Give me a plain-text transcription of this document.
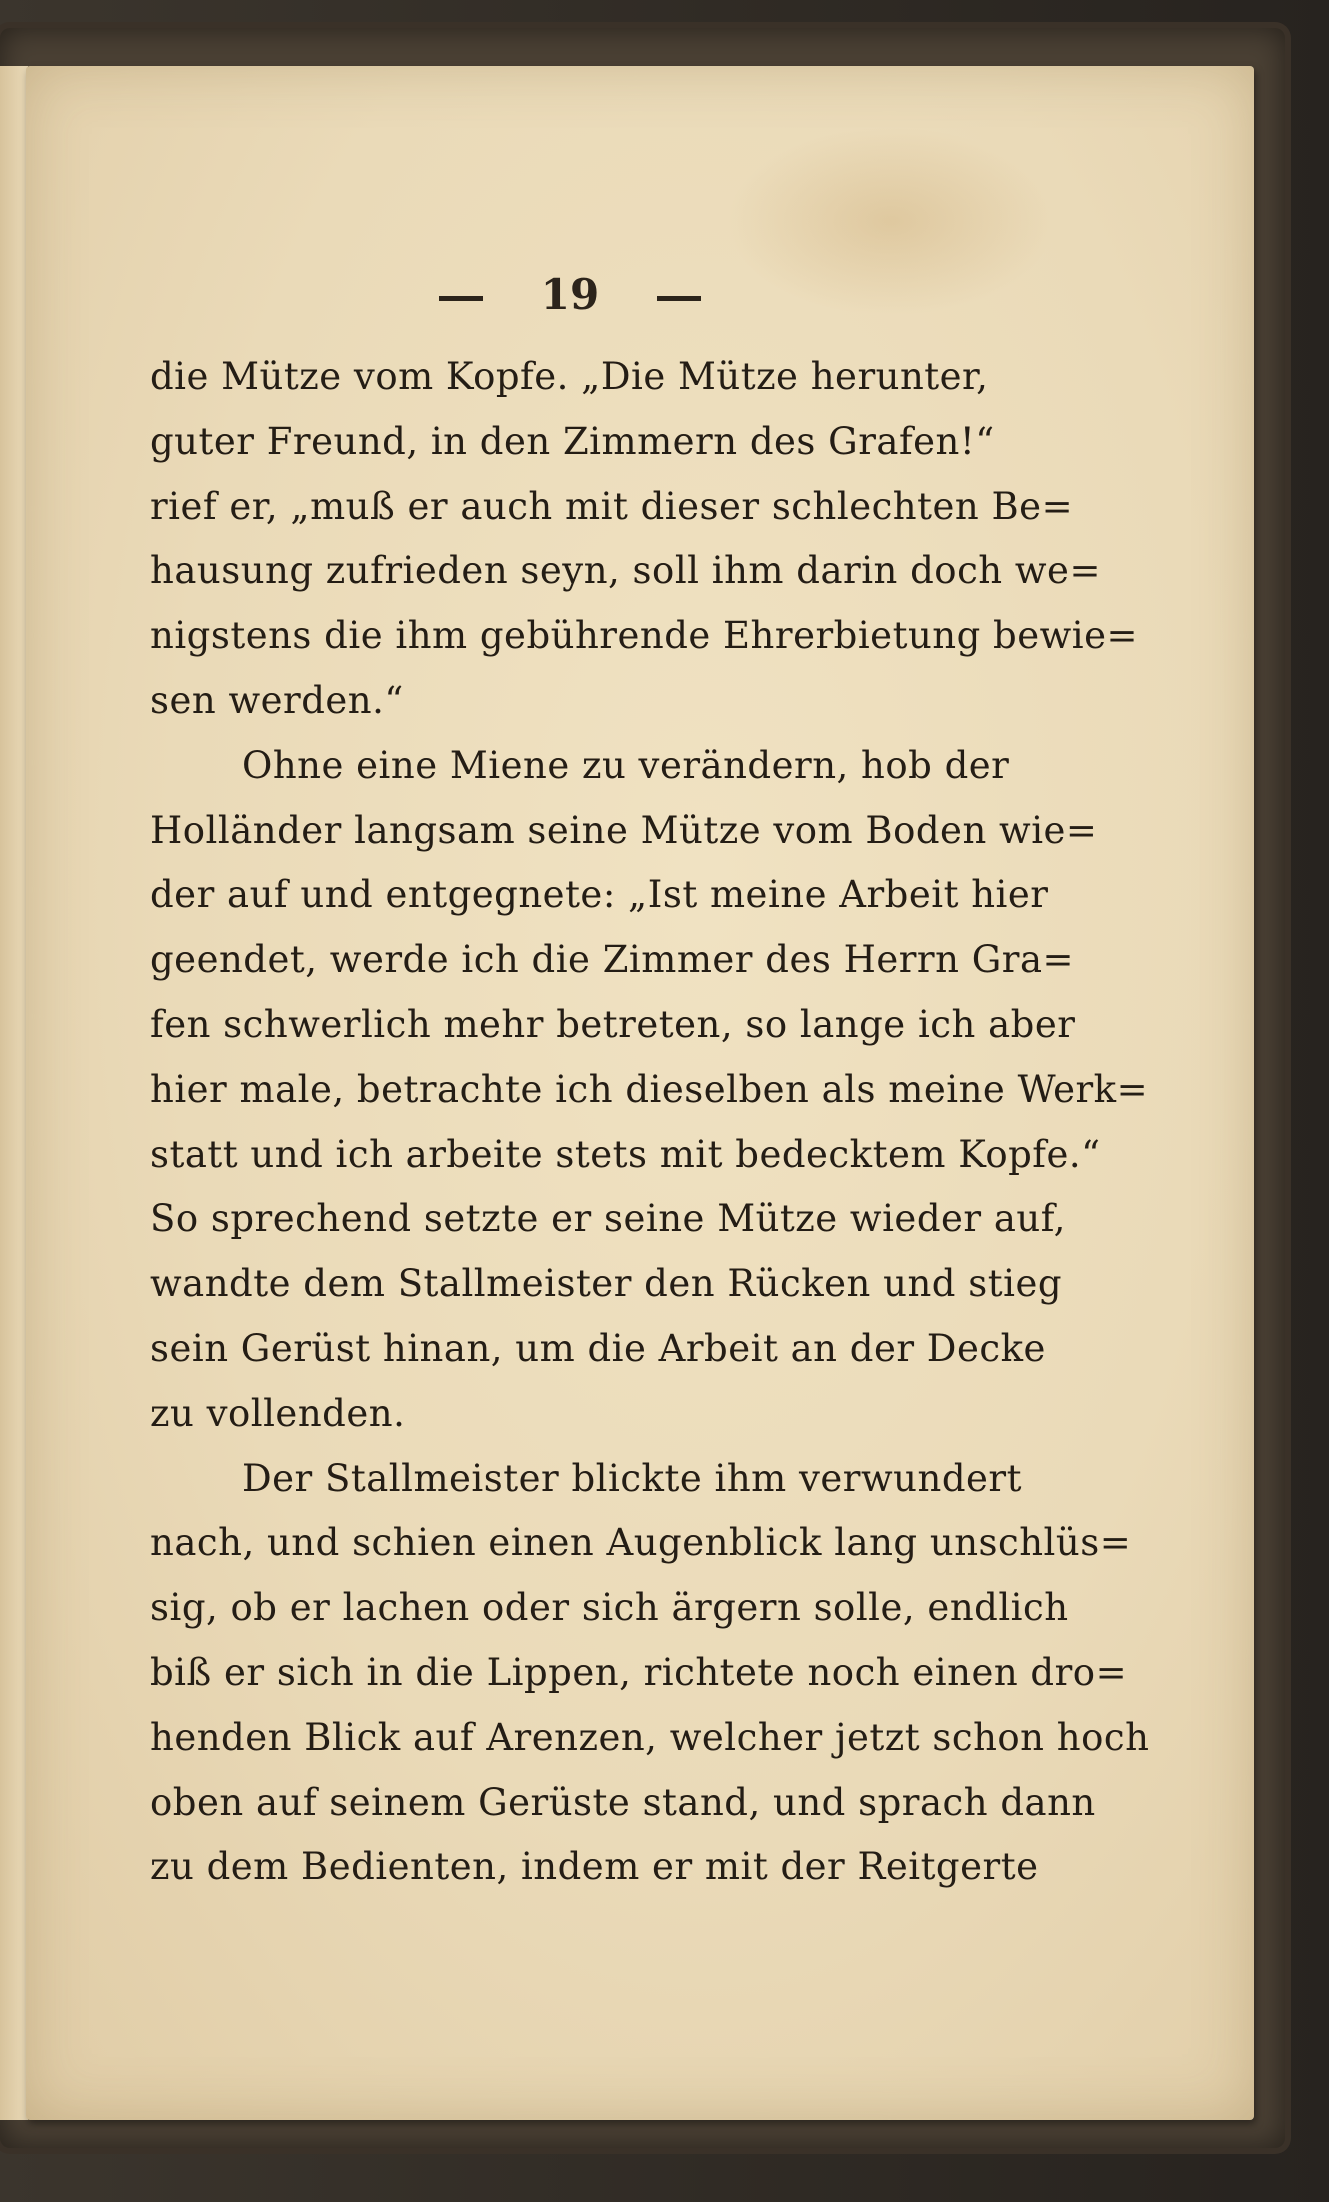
19
die Mütze vom Kopfe. „Die Mütze herunter,
guter Freund, in den Zimmern des Grafen!“
rief er, „muß er auch mit dieser schlechten Be=
hausung zufrieden seyn, soll ihm darin doch we=
nigstens die ihm gebührende Ehrerbietung bewie=
sen werden.“
Ohne eine Miene zu verändern, hob der
Holländer langsam seine Mütze vom Boden wie=
der auf und entgegnete: „Ist meine Arbeit hier
geendet, werde ich die Zimmer des Herrn Gra=
fen schwerlich mehr betreten, so lange ich aber
hier male, betrachte ich dieselben als meine Werk=
statt und ich arbeite stets mit bedecktem Kopfe.“
So sprechend setzte er seine Mütze wieder auf,
wandte dem Stallmeister den Rücken und stieg
sein Gerüst hinan, um die Arbeit an der Decke
zu vollenden.
Der Stallmeister blickte ihm verwundert
nach, und schien einen Augenblick lang unschlüs=
sig, ob er lachen oder sich ärgern solle, endlich
biß er sich in die Lippen, richtete noch einen dro=
henden Blick auf Arenzen, welcher jetzt schon hoch
oben auf seinem Gerüste stand, und sprach dann
zu dem Bedienten, indem er mit der Reitgerte
